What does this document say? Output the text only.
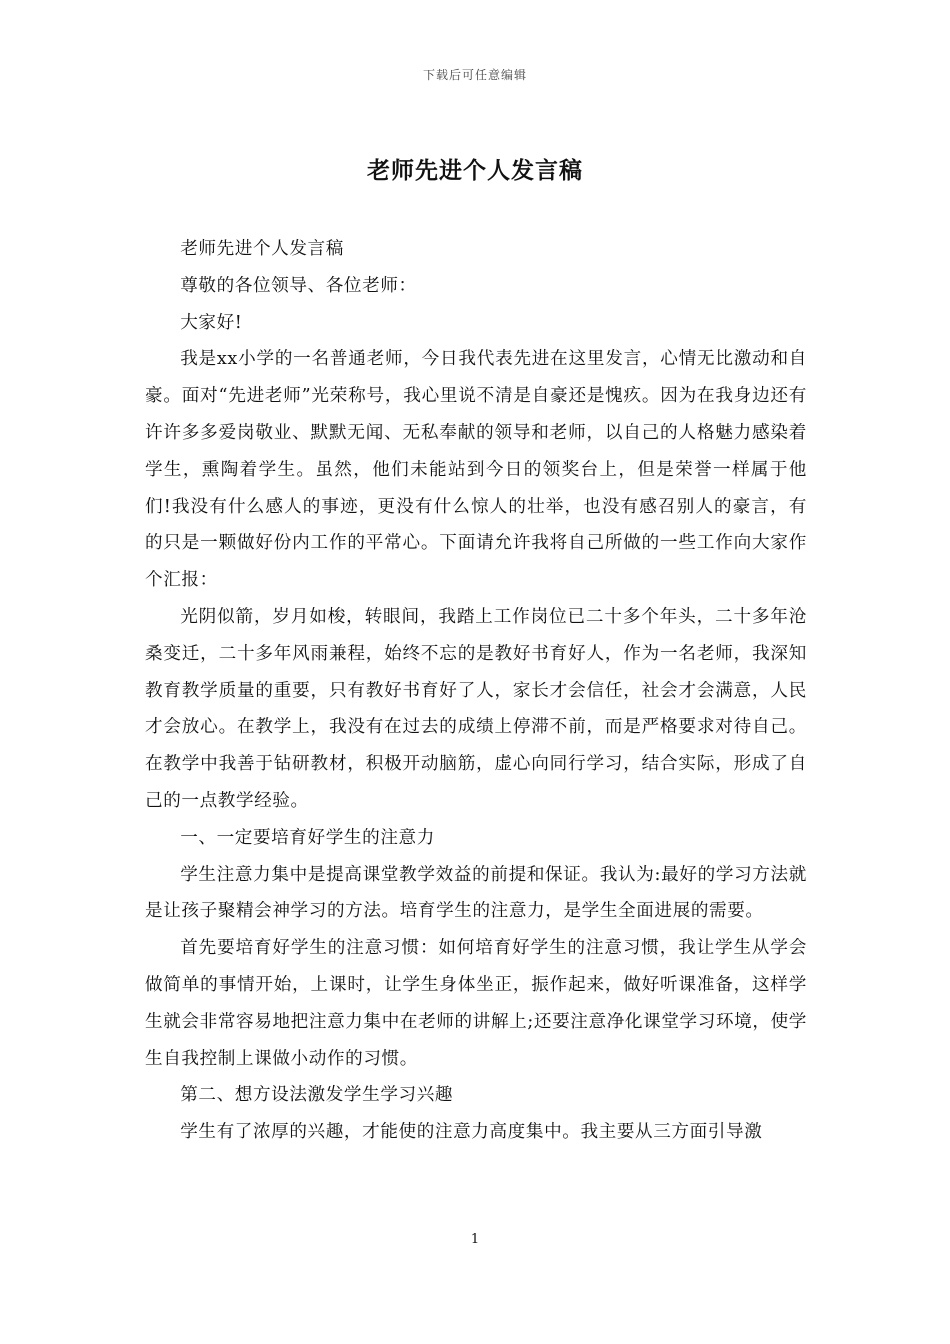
下载后可任意编辑
老师先进个人发言稿

老师先进个人发言稿

尊敬的各位领导、各位老师：

大家好!

我是xx小学的一名普通老师，今日我代表先进在这里发言，心情无比激动和自豪。面对“先进老师”光荣称号，我心里说不清是自豪还是愧疚。因为在我身边还有许许多多爱岗敬业、默默无闻、无私奉献的领导和老师，以自己的人格魅力感染着学生，熏陶着学生。虽然，他们未能站到今日的领奖台上，但是荣誉一样属于他们!我没有什么感人的事迹，更没有什么惊人的壮举，也没有感召别人的豪言，有的只是一颗做好份内工作的平常心。下面请允许我将自己所做的一些工作向大家作个汇报：

光阴似箭，岁月如梭，转眼间，我踏上工作岗位已二十多个年头，二十多年沧桑变迁，二十多年风雨兼程，始终不忘的是教好书育好人，作为一名老师，我深知教育教学质量的重要，只有教好书育好了人，家长才会信任，社会才会满意，人民才会放心。在教学上，我没有在过去的成绩上停滞不前，而是严格要求对待自己。在教学中我善于钻研教材，积极开动脑筋，虚心向同行学习，结合实际，形成了自己的一点教学经验。

一、一定要培育好学生的注意力

学生注意力集中是提高课堂教学效益的前提和保证。我认为:最好的学习方法就是让孩子聚精会神学习的方法。培育学生的注意力，是学生全面进展的需要。

首先要培育好学生的注意习惯：如何培育好学生的注意习惯，我让学生从学会做简单的事情开始，上课时，让学生身体坐正，振作起来，做好听课准备，这样学生就会非常容易地把注意力集中在老师的讲解上;还要注意净化课堂学习环境，使学生自我控制上课做小动作的习惯。

第二、想方设法激发学生学习兴趣

学生有了浓厚的兴趣，才能使的注意力高度集中。我主要从三方面引导激

1
